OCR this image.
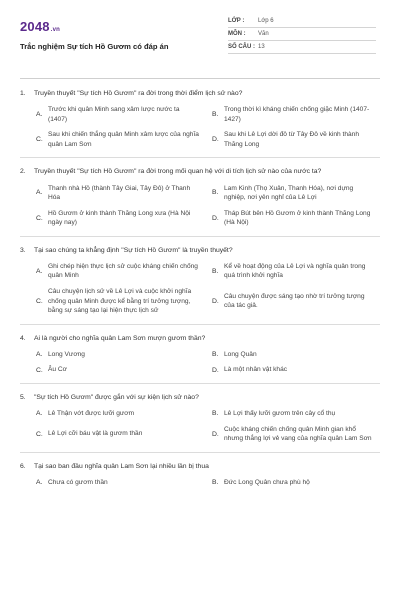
2048.vn
Trắc nghiệm Sự tích Hồ Gươm có đáp án
LỚP :	Lớp 6
MÔN :	Văn
SỐ CÂU : 13
1.	Truyền thuyết "Sự tích Hồ Gươm" ra đời trong thời điểm lịch sử nào?
A.
Trước khi quân Minh sang xâm lược nước ta (1407)
B.
Trong thời kì kháng chiến chống giặc Minh (1407- 1427)
C.
Sau khi chiến thắng quân Minh xâm lược của nghĩa quân Lam Sơn
D.
Sau khi Lê Lợi dời đô từ Tây Đô về kinh thành Thăng Long
2.	Truyền thuyết "Sự tích Hồ Gươm" ra đời trong mối quan hệ với di tích lịch sử nào của nước ta?
A.
Thanh nhà Hồ (thành Tây Giai, Tây Đô) ở Thanh Hóa
B.
Lam Kinh (Thọ Xuân, Thanh Hóa), nơi dựng nghiệp, nơi yên nghỉ của Lê Lợi
C.
Hồ Gươm ở kinh thành Thăng Long xưa (Hà Nội ngày nay)
D.
Tháp Bút bên Hồ Gươm ở kinh thành Thăng Long (Hà Nội)
3.	Tại sao chúng ta khẳng định "Sự tích Hồ Gươm" là truyền thuyết?
A.
Ghi chép hiện thực lịch sử cuộc kháng chiến chống quân Minh
B.
Kể về hoạt động của Lê Lợi và nghĩa quân trong quá trình khởi nghĩa
C.
Câu chuyện lịch sử về Lê Lợi và cuộc khởi nghĩa chống quân Minh được kể bằng trí tưởng tượng, bằng sự sáng tạo lại hiện thực lịch sử
D.
Câu chuyện được sáng tạo nhờ trí tưởng tượng của tác giả.
4.	Ai là người cho nghĩa quân Lam Sơn mượn gươm thần?
A. Long Vương	B. Long Quân
C. Âu Cơ	D. Là một nhân vật khác
5.	"Sự tích Hồ Gươm" được gắn với sự kiện lịch sử nào?
A. Lê Thận vớt được lưỡi gươm	B. Lê Lợi thấy lưỡi gươm trên cây cổ thụ
C. Lê Lợi cỡi báu vật là gươm thần	D.
Cuộc kháng chiến chống quân Minh gian khổ nhưng thắng lợi vẻ vang của nghĩa quân Lam Sơn
6.	Tại sao ban đầu nghĩa quân Lam Sơn lại nhiều lần bị thua
A. Chưa có gươm thần	B. Đức Long Quân chưa phù hộ
